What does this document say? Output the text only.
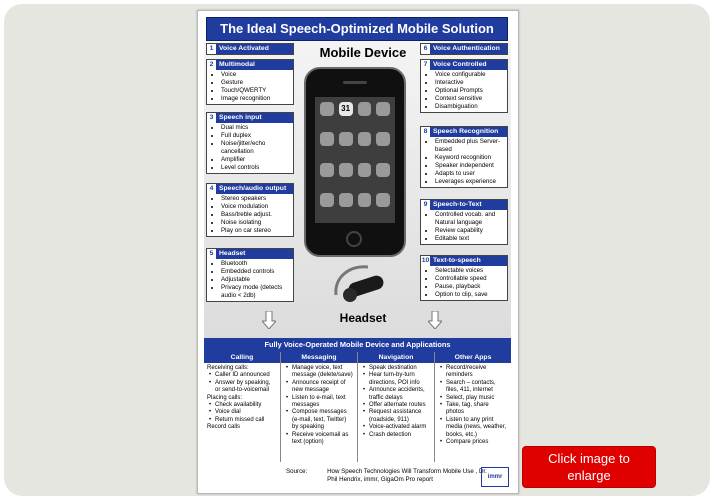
The Ideal Speech-Optimized Mobile Solution
Mobile Device
31
Headset
1 Voice Activated
2 Multimodal
• Voice
• Gesture
• Touch/QWERTY
• Image recognition
3 Speech input
• Dual mics
• Full duplex
• Noise/jitter/echo cancellation
• Amplifier
• Level controls
4 Speech/audio output
• Stereo speakers
• Voice modulation
• Bass/treble adjust.
• Noise isolating
• Play on car stereo
5 Headset
• Bluetooth
• Embedded controls
• Adjustable
• Privacy mode (detects audio < 2db)
6 Voice Authentication
7 Voice Controlled
• Voice configurable
• Interactive
• Optional Prompts
• Context sensitive
• Disambiguation
8 Speech Recognition
• Embedded plus Server-based
• Keyword recognition
• Speaker independent
• Adapts to user
• Leverages experience
9 Speech-to-Text
• Controlled vocab. and Natural language
• Review capability
• Editable text
10 Text-to-speech
• Selectable voices
• Controllable speed
• Pause, playback
• Option to clip, save
Fully Voice-Operated Mobile Device and Applications
Calling
Receiving calls:
• Caller ID announced
• Answer by speaking, or send-to-voicemail
Placing calls:
• Check availability
• Voice dial
• Return missed call
Record calls
Messaging
• Manage voice, text message (delete/save)
• Announce receipt of new message
• Listen to e-mail, text messages
• Compose messages (e-mail, text, Twitter) by speaking
• Receive voicemail as text (option)
Navigation
• Speak destination
• Hear turn-by-turn directions, POI info
• Announce accidents, traffic delays
• Offer alternate routes
• Request assistance (roadside, 911)
• Voice-activated alarm
• Crash detection
Other Apps
• Record/receive reminders
• Search – contacts, files, 411, internet
• Select, play music
• Take, tag, share photos
• Listen to any print media (news, weather, books, etc.)
• Compare prices
Source:	How Speech Technologies Will Transform Mobile Use , Dr. Phil Hendrix, immr, GigaOm Pro report	immr
Click image to enlarge
